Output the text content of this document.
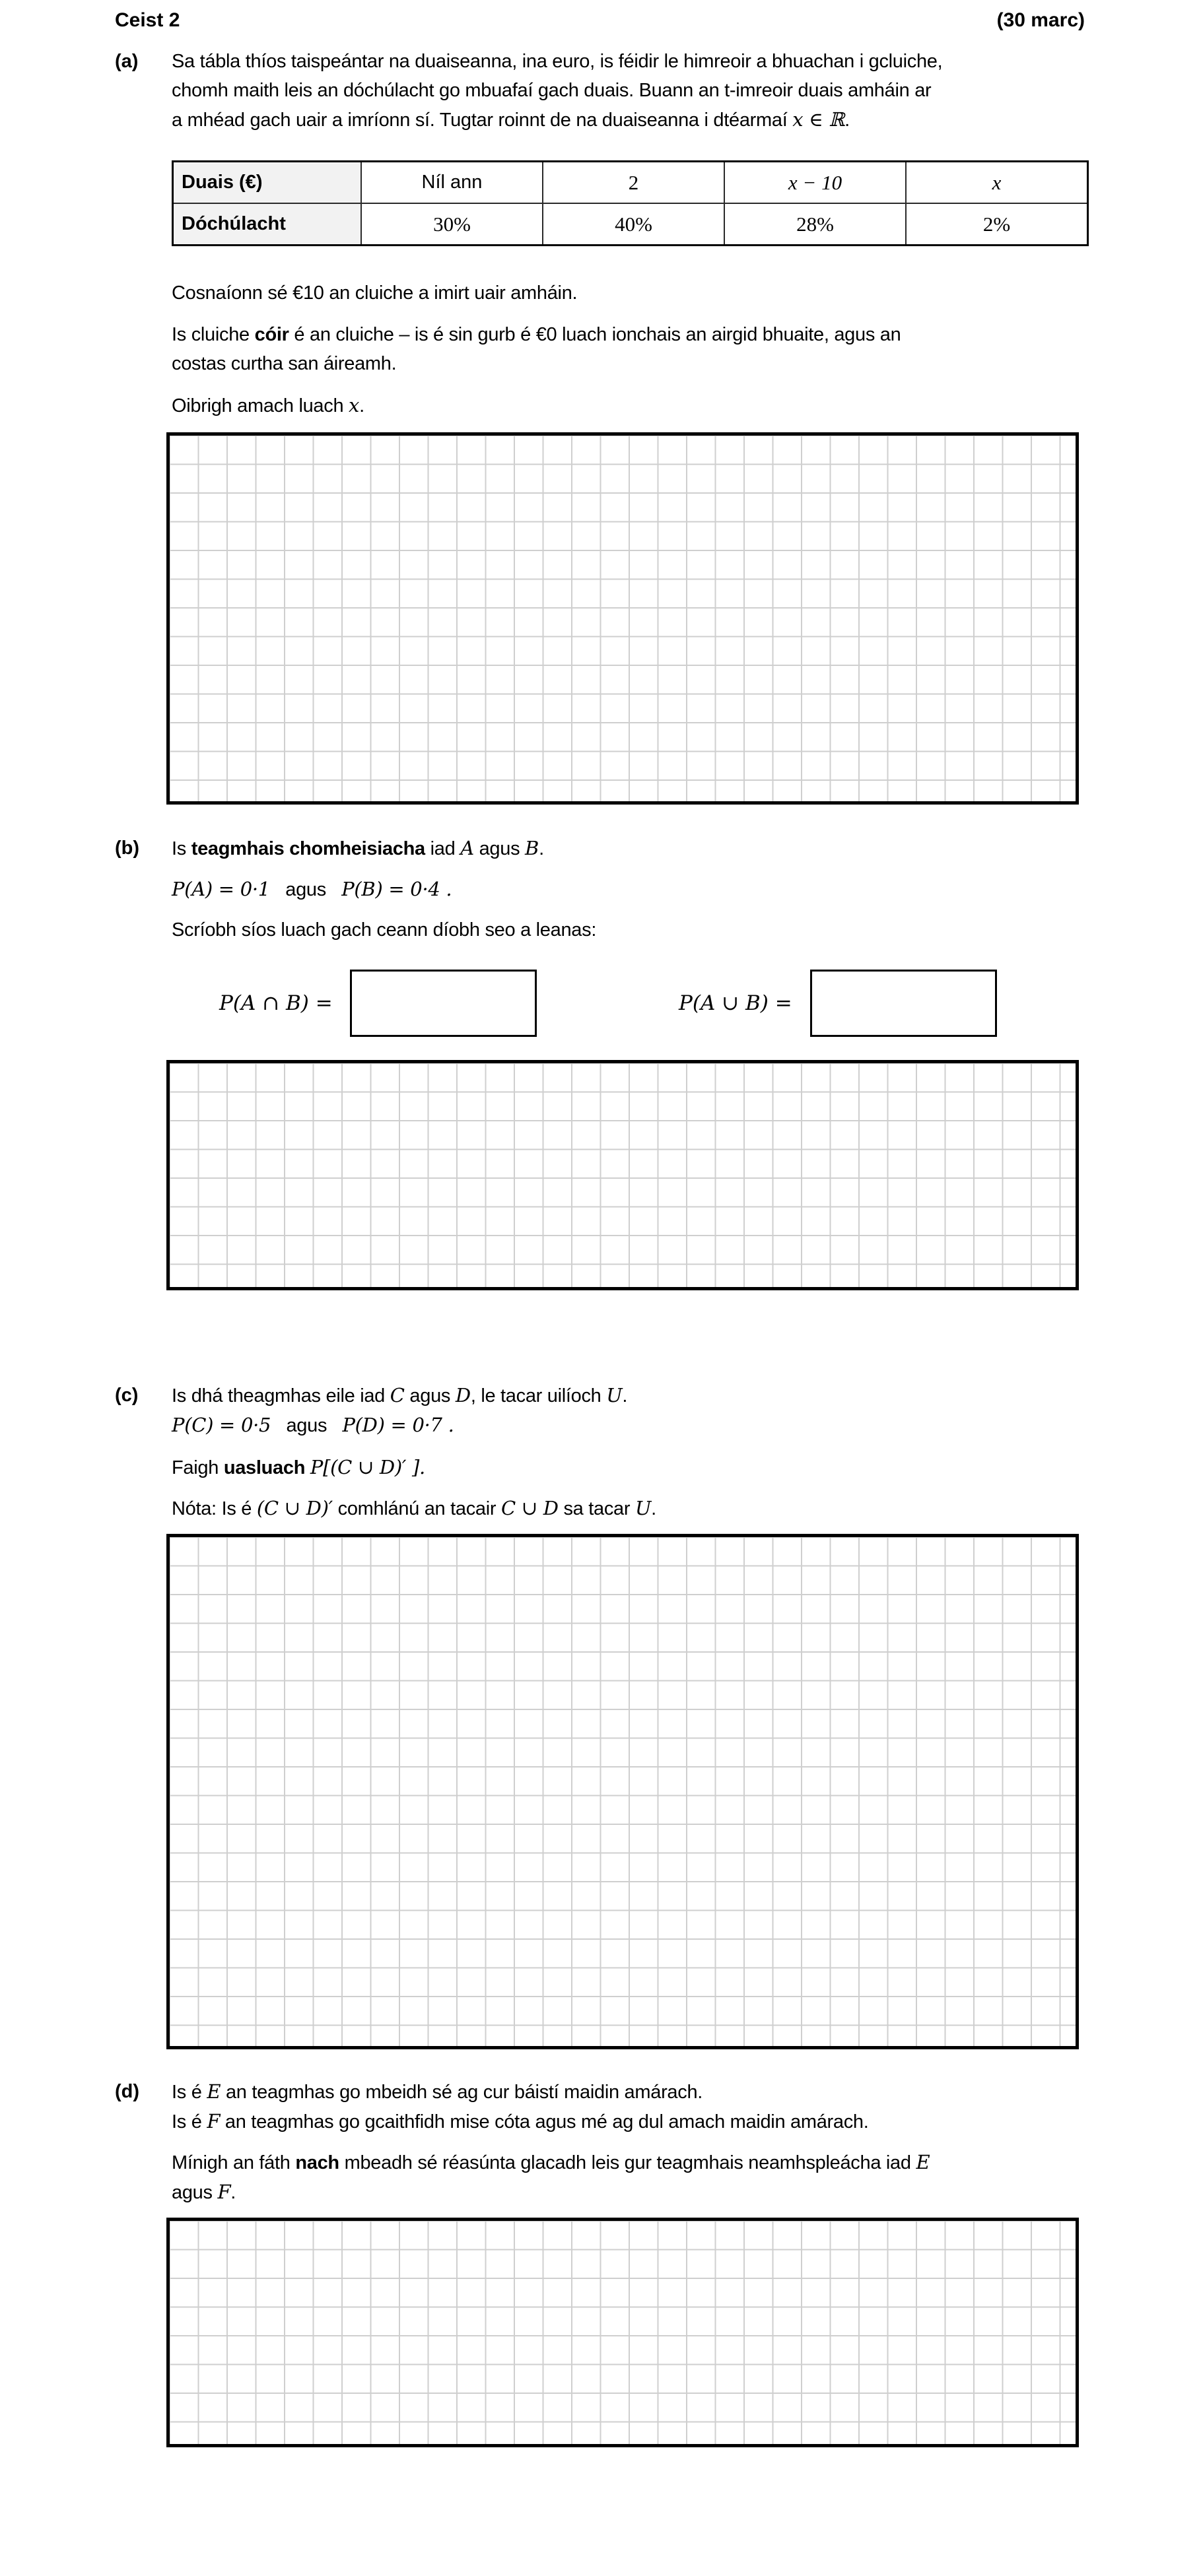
Ceist 2	(30 marc)
(a) Sa tábla thíos taispeántar na duaiseanna, ina euro, is féidir le himreoir a bhuachan i gcluiche,
chomh maith leis an dóchúlacht go mbuafaí gach duais. Buann an t-imreoir duais amháin ar
a mhéad gach uair a imríonn sí. Tugtar roinnt de na duaiseanna i dtéarmaí x ∈ ℝ.
Duais (€)	Níl ann	2	x − 10	x
Dóchúlacht	30%	40%	28%	2%
Cosnaíonn sé €10 an cluiche a imirt uair amháin.
Is cluiche cóir é an cluiche – is é sin gurb é €0 luach ionchais an airgid bhuaite, agus an
costas curtha san áireamh.
Oibrigh amach luach x.
(b) Is teagmhais chomheisiacha iad A agus B.
P(A) = 0·1 agus P(B) = 0·4 .
Scríobh síos luach gach ceann díobh seo a leanas:
P(A ∩ B) =	P(A ∪ B) =
(c) Is dhá theagmhas eile iad C agus D, le tacar uilíoch U.
P(C) = 0·5 agus P(D) = 0·7 .
Faigh uasluach P[(C ∪ D)′ ].
Nóta: Is é (C ∪ D)′ comhlánú an tacair C ∪ D sa tacar U.
(d) Is é E an teagmhas go mbeidh sé ag cur báistí maidin amárach.
Is é F an teagmhas go gcaithfidh mise cóta agus mé ag dul amach maidin amárach.
Mínigh an fáth nach mbeadh sé réasúnta glacadh leis gur teagmhais neamhspleácha iad E
agus F.
